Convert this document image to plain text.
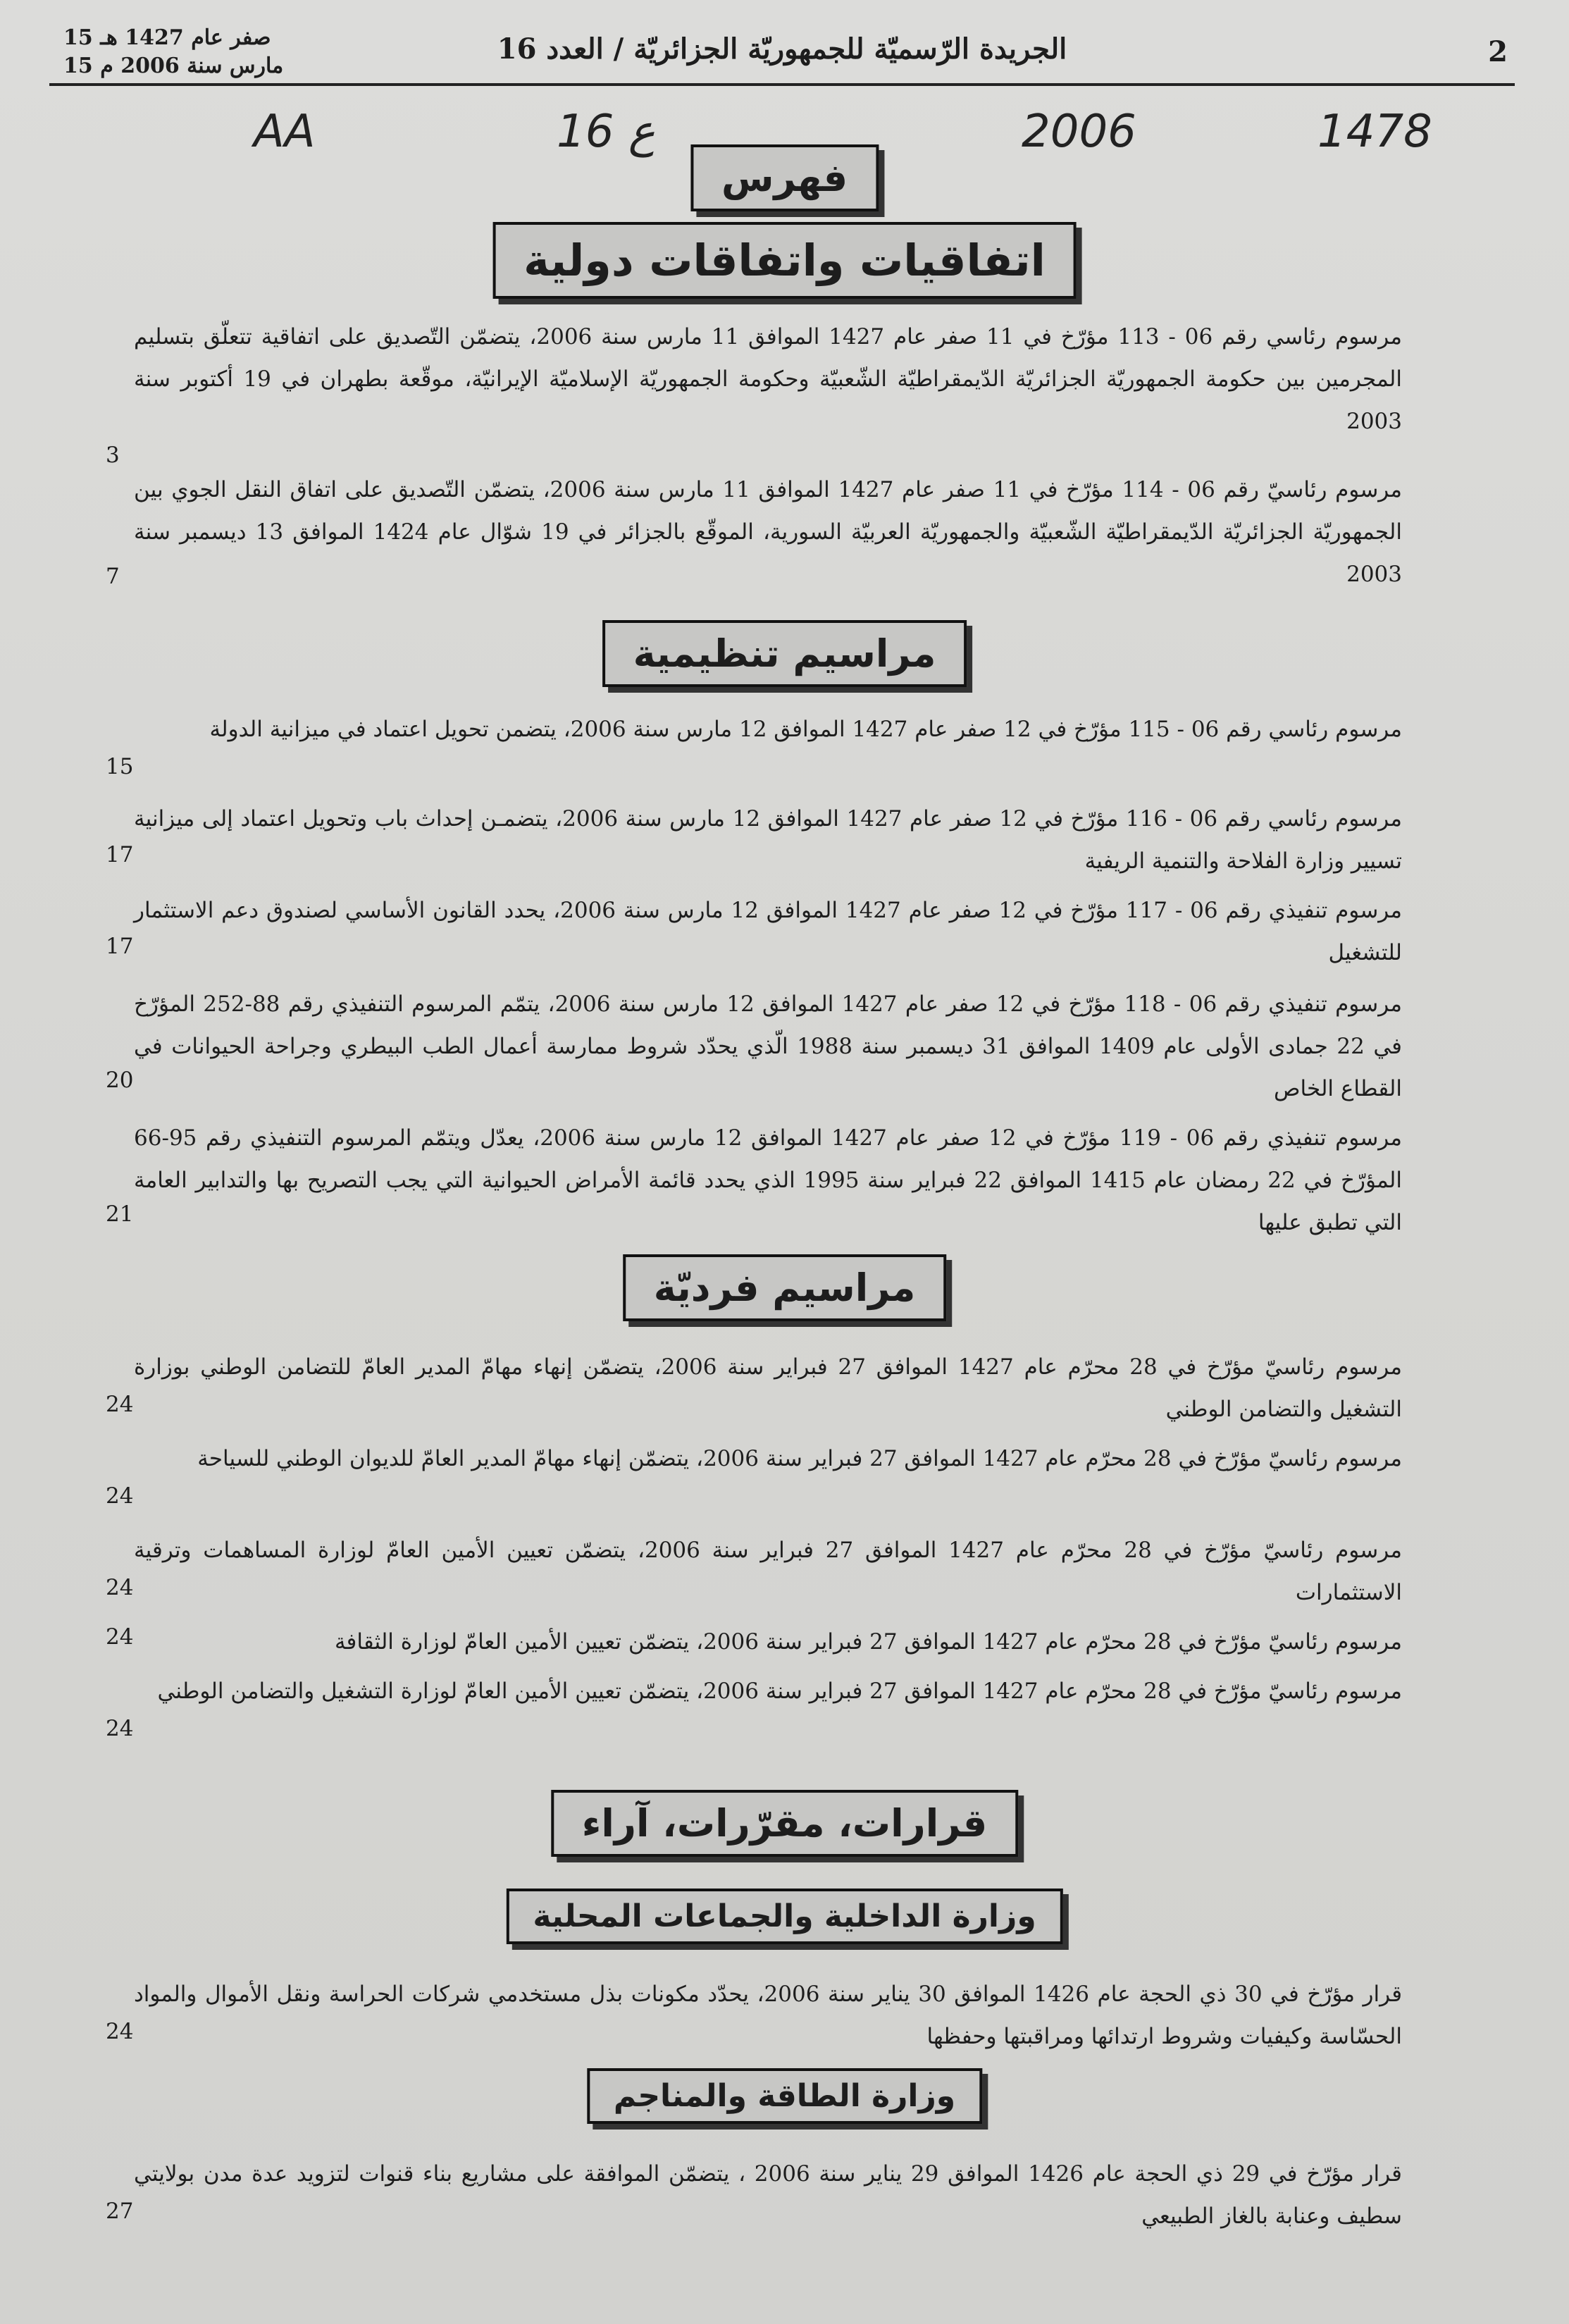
15 صفر عام 1427 هـ
15 مارس سنة 2006 م
الجريدة الرّسميّة للجمهوريّة الجزائريّة / العدد 16	2
AA	16 ع	2006	1478
فهرس
اتفاقيات واتفاقات دولية
مرسوم رئاسي رقم 06 - 113 مؤرّخ في 11 صفر عام 1427 الموافق 11 مارس سنة 2006، يتضمّن التّصديق على اتفاقية تتعلّق بتسليم المجرمين بين حكومة الجمهوريّة الجزائريّة الدّيمقراطيّة الشّعبيّة وحكومة الجمهوريّة الإسلاميّة الإيرانيّة، موقّعة بطهران في 19 أكتوبر سنة 2003
3
مرسوم رئاسيّ رقم 06 - 114 مؤرّخ في 11 صفر عام 1427 الموافق 11 مارس سنة 2006، يتضمّن التّصديق على اتفاق النقل الجوي بين الجمهوريّة الجزائريّة الدّيمقراطيّة الشّعبيّة والجمهوريّة العربيّة السورية، الموقّع بالجزائر في 19 شوّال عام 1424 الموافق 13 ديسمبر سنة 2003
7
مراسيم تنظيمية
مرسوم رئاسي رقم 06 - 115 مؤرّخ في 12 صفر عام 1427 الموافق 12 مارس سنة 2006، يتضمن تحويل اعتماد في ميزانية الدولة
15
مرسوم رئاسي رقم 06 - 116 مؤرّخ في 12 صفر عام 1427 الموافق 12 مارس سنة 2006، يتضمـن إحداث باب وتحويل اعتماد إلى ميزانية تسيير وزارة الفلاحة والتنمية الريفية
17
مرسوم تنفيذي رقم 06 - 117 مؤرّخ في 12 صفر عام 1427 الموافق 12 مارس سنة 2006، يحدد القانون الأساسي لصندوق دعم الاستثمار للتشغيل
17
مرسوم تنفيذي رقم 06 - 118 مؤرّخ في 12 صفر عام 1427 الموافق 12 مارس سنة 2006، يتمّم المرسوم التنفيذي رقم 88-252 المؤرّخ في 22 جمادى الأولى عام 1409 الموافق 31 ديسمبر سنة 1988 الّذي يحدّد شروط ممارسة أعمال الطب البيطري وجراحة الحيوانات في القطاع الخاص
20
مرسوم تنفيذي رقم 06 - 119 مؤرّخ في 12 صفر عام 1427 الموافق 12 مارس سنة 2006، يعدّل ويتمّم المرسوم التنفيذي رقم 95-66 المؤرّخ في 22 رمضان عام 1415 الموافق 22 فبراير سنة 1995 الذي يحدد قائمة الأمراض الحيوانية التي يجب التصريح بها والتدابير العامة التي تطبق عليها
21
مراسيم فرديّة
مرسوم رئاسيّ مؤرّخ في 28 محرّم عام 1427 الموافق 27 فبراير سنة 2006، يتضمّن إنهاء مهامّ المدير العامّ للتضامن الوطني بوزارة التشغيل والتضامن الوطني
24
مرسوم رئاسيّ مؤرّخ في 28 محرّم عام 1427 الموافق 27 فبراير سنة 2006، يتضمّن إنهاء مهامّ المدير العامّ للديوان الوطني للسياحة
24
مرسوم رئاسيّ مؤرّخ في 28 محرّم عام 1427 الموافق 27 فبراير سنة 2006، يتضمّن تعيين الأمين العامّ لوزارة المساهمات وترقية الاستثمارات
24
مرسوم رئاسيّ مؤرّخ في 28 محرّم عام 1427 الموافق 27 فبراير سنة 2006، يتضمّن تعيين الأمين العامّ لوزارة الثقافة
24
مرسوم رئاسيّ مؤرّخ في 28 محرّم عام 1427 الموافق 27 فبراير سنة 2006، يتضمّن تعيين الأمين العامّ لوزارة التشغيل والتضامن الوطني
24
قرارات، مقرّرات، آراء
وزارة الداخلية والجماعات المحلية
قرار مؤرّخ في 30 ذي الحجة عام 1426 الموافق 30 يناير سنة 2006، يحدّد مكونات بذل مستخدمي شركات الحراسة ونقل الأموال والمواد الحسّاسة وكيفيات وشروط ارتدائها ومراقبتها وحفظها
24
وزارة الطاقة والمناجم
قرار مؤرّخ في 29 ذي الحجة عام 1426 الموافق 29 يناير سنة 2006 ، يتضمّن الموافقة على مشاريع بناء قنوات لتزويد عدة مدن بولايتي سطيف وعنابة بالغاز الطبيعي
27
